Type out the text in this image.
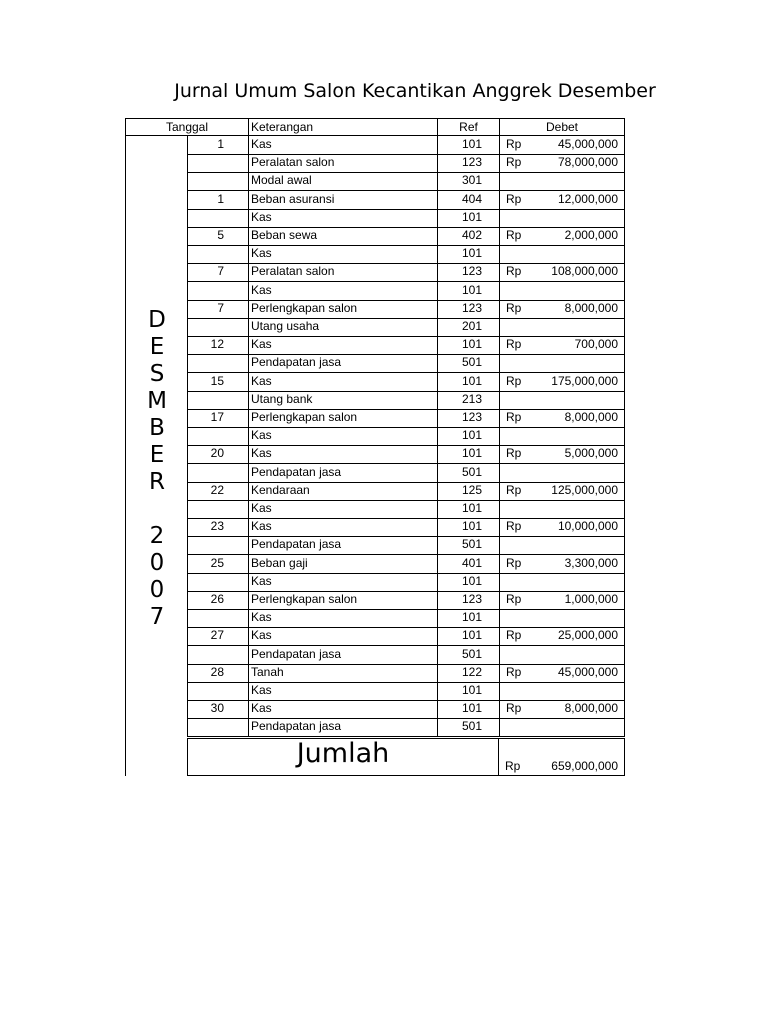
Jurnal Umum Salon Kecantikan Anggrek Desember
Tanggal	Keterangan	Ref	Debet
D
E
S
M
B
E
R
2
0
0
7
1	Kas	101	Rp	45,000,000
Peralatan salon	123	Rp	78,000,000
Modal awal	301
1	Beban asuransi	404	Rp	12,000,000
Kas	101
5	Beban sewa	402	Rp	2,000,000
Kas	101
7	Peralatan salon	123	Rp 108,000,000
Kas	101
7	Perlengkapan salon	123	Rp	8,000,000
Utang usaha	201
12	Kas	101	Rp	700,000
Pendapatan jasa	501
15	Kas	101	Rp 175,000,000
Utang bank	213
17	Perlengkapan salon	123	Rp	8,000,000
Kas	101
20	Kas	101	Rp	5,000,000
Pendapatan jasa	501
22	Kendaraan	125	Rp 125,000,000
Kas	101
23	Kas	101	Rp	10,000,000
Pendapatan jasa	501
25	Beban gaji	401	Rp	3,300,000
Kas	101
26	Perlengkapan salon	123	Rp	1,000,000
Kas	101
27	Kas	101	Rp	25,000,000
Pendapatan jasa	501
28	Tanah	122	Rp	45,000,000
Kas	101
30	Kas	101	Rp	8,000,000
Pendapatan jasa	501
Jumlah	Rp	659,000,000
